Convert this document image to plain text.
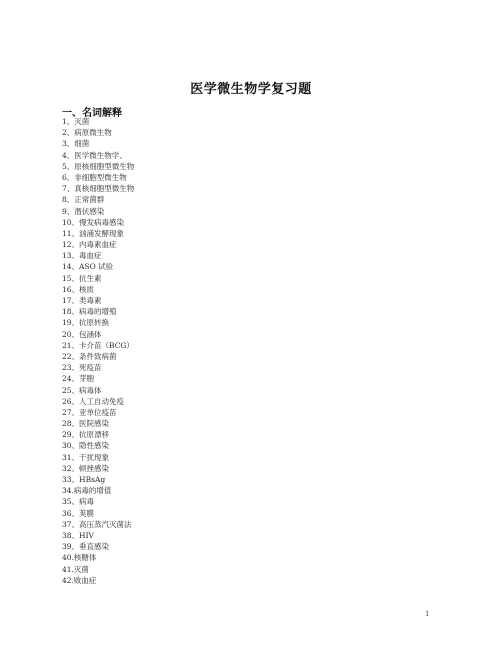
医学微生物学复习题
一、名词解释
1、灭菌
2、病原微生物
3、细菌
4、医学微生物学、
5、原核细胞型微生物
6、非细胞型微生物
7、真核细胞型微生物
8、正常菌群
9、潜伏感染
10、慢发病毒感染
11、汹涌发酵现象
12、内毒素血症
13、毒血症
14、ASO 试验
15、抗生素
16、核质
17、类毒素
18、病毒的增殖
19、抗原转换
20、包涵体
21、卡介苗（BCG）
22、条件致病菌
23、死疫苗
24、芽胞
25、病毒体
26、人工自动免疫
27、亚单位疫苗
28、医院感染
29、抗原漂移
30、隐性感染
31、干扰现象
32、顿挫感染
33、HBsAg
34.病毒的增值
35、病毒
36、荚膜
37、高压蒸汽灭菌法
38、HIV
39、垂直感染
40.核糖体
41.灭菌
42.败血症
1
